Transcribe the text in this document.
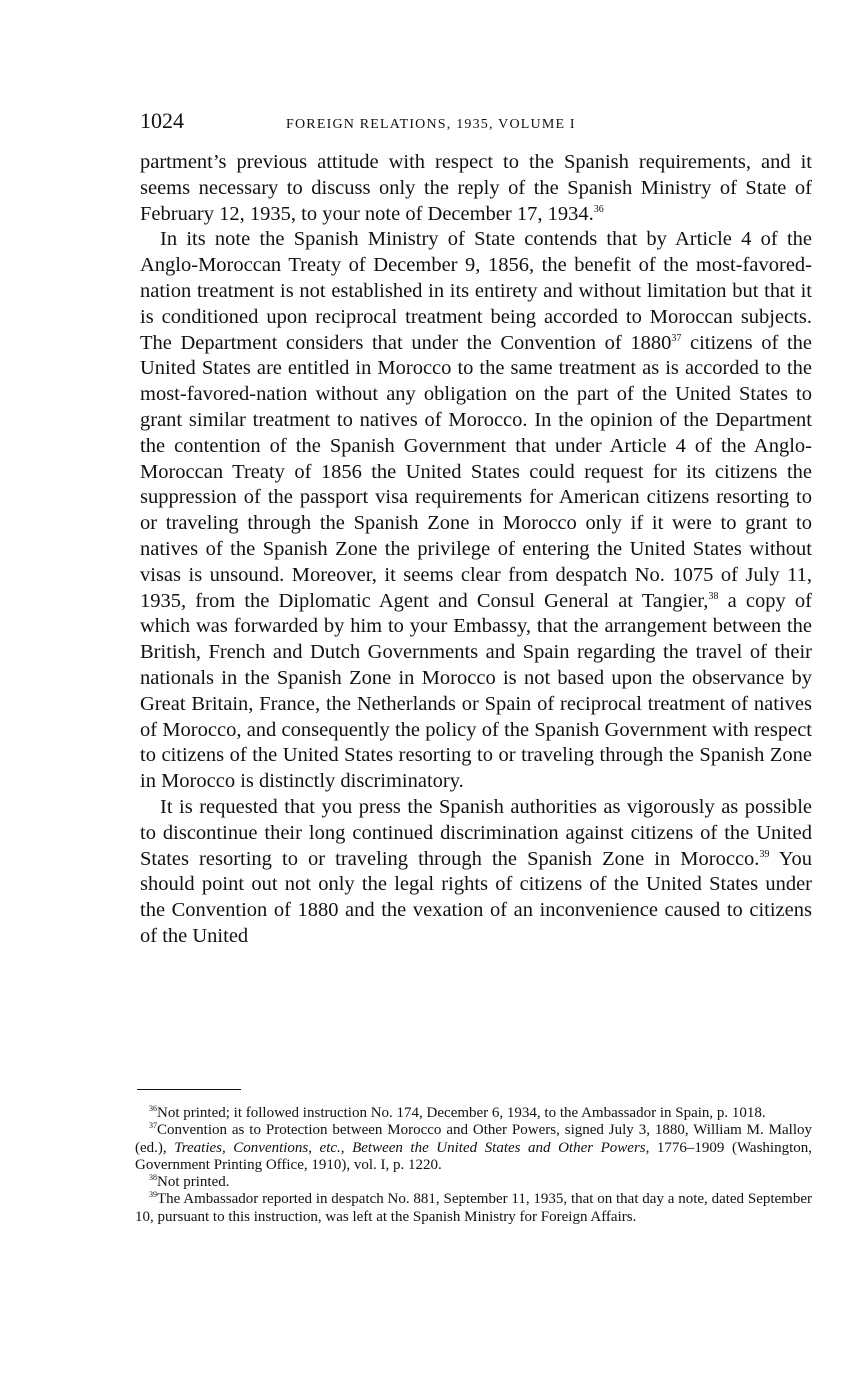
1024	FOREIGN RELATIONS, 1935, VOLUME I

partment’s previous attitude with respect to the Spanish requirements, and it seems necessary to discuss only the reply of the Spanish Ministry of State of February 12, 1935, to your note of December 17, 1934.36

In its note the Spanish Ministry of State contends that by Article 4 of the Anglo-Moroccan Treaty of December 9, 1856, the benefit of the most-favored-nation treatment is not established in its entirety and without limitation but that it is conditioned upon reciprocal treatment being accorded to Moroccan subjects. The Department considers that under the Convention of 1880$^{37}$ citizens of the United States are entitled in Morocco to the same treatment as is accorded to the most-favored-nation without any obligation on the part of the United States to grant similar treatment to natives of Morocco. In the opinion of the Department the contention of the Spanish Government that under Article 4 of the Anglo-Moroccan Treaty of 1856 the United States could request for its citizens the suppression of the passport visa requirements for American citizens resorting to or traveling through the Spanish Zone in Morocco only if it were to grant to natives of the Spanish Zone the privilege of entering the United States without visas is unsound. Moreover, it seems clear from despatch No. 1075 of July 11, 1935, from the Diplomatic Agent and Consul General at Tangier,$^{38}$ a copy of which was forwarded by him to your Embassy, that the arrangement between the British, French and Dutch Governments and Spain regarding the travel of their nationals in the Spanish Zone in Morocco is not based upon the observance by Great Britain, France, the Netherlands or Spain of reciprocal treatment of natives of Morocco, and consequently the policy of the Spanish Government with respect to citizens of the United States resorting to or traveling through the Spanish Zone in Morocco is distinctly discriminatory.

It is requested that you press the Spanish authorities as vigorously as possible to discontinue their long continued discrimination against citizens of the United States resorting to or traveling through the Spanish Zone in Morocco.$^{39}$ You should point out not only the legal rights of citizens of the United States under the Convention of 1880 and the vexation of an inconvenience caused to citizens of the United

$^{36}$Not printed; it followed instruction No. 174, December 6, 1934, to the Ambassador in Spain, p. 1018.

$^{37}$Convention as to Protection between Morocco and Other Powers, signed July 3, 1880, William M. Malloy (ed.), Treaties, Conventions, etc., Between the United States and Other Powers, 1776–1909 (Washington, Government Printing Office, 1910), vol. I, p. 1220.

$^{38}$Not printed.

$^{39}$The Ambassador reported in despatch No. 881, September 11, 1935, that on that day a note, dated September 10, pursuant to this instruction, was left at the Spanish Ministry for Foreign Affairs.
